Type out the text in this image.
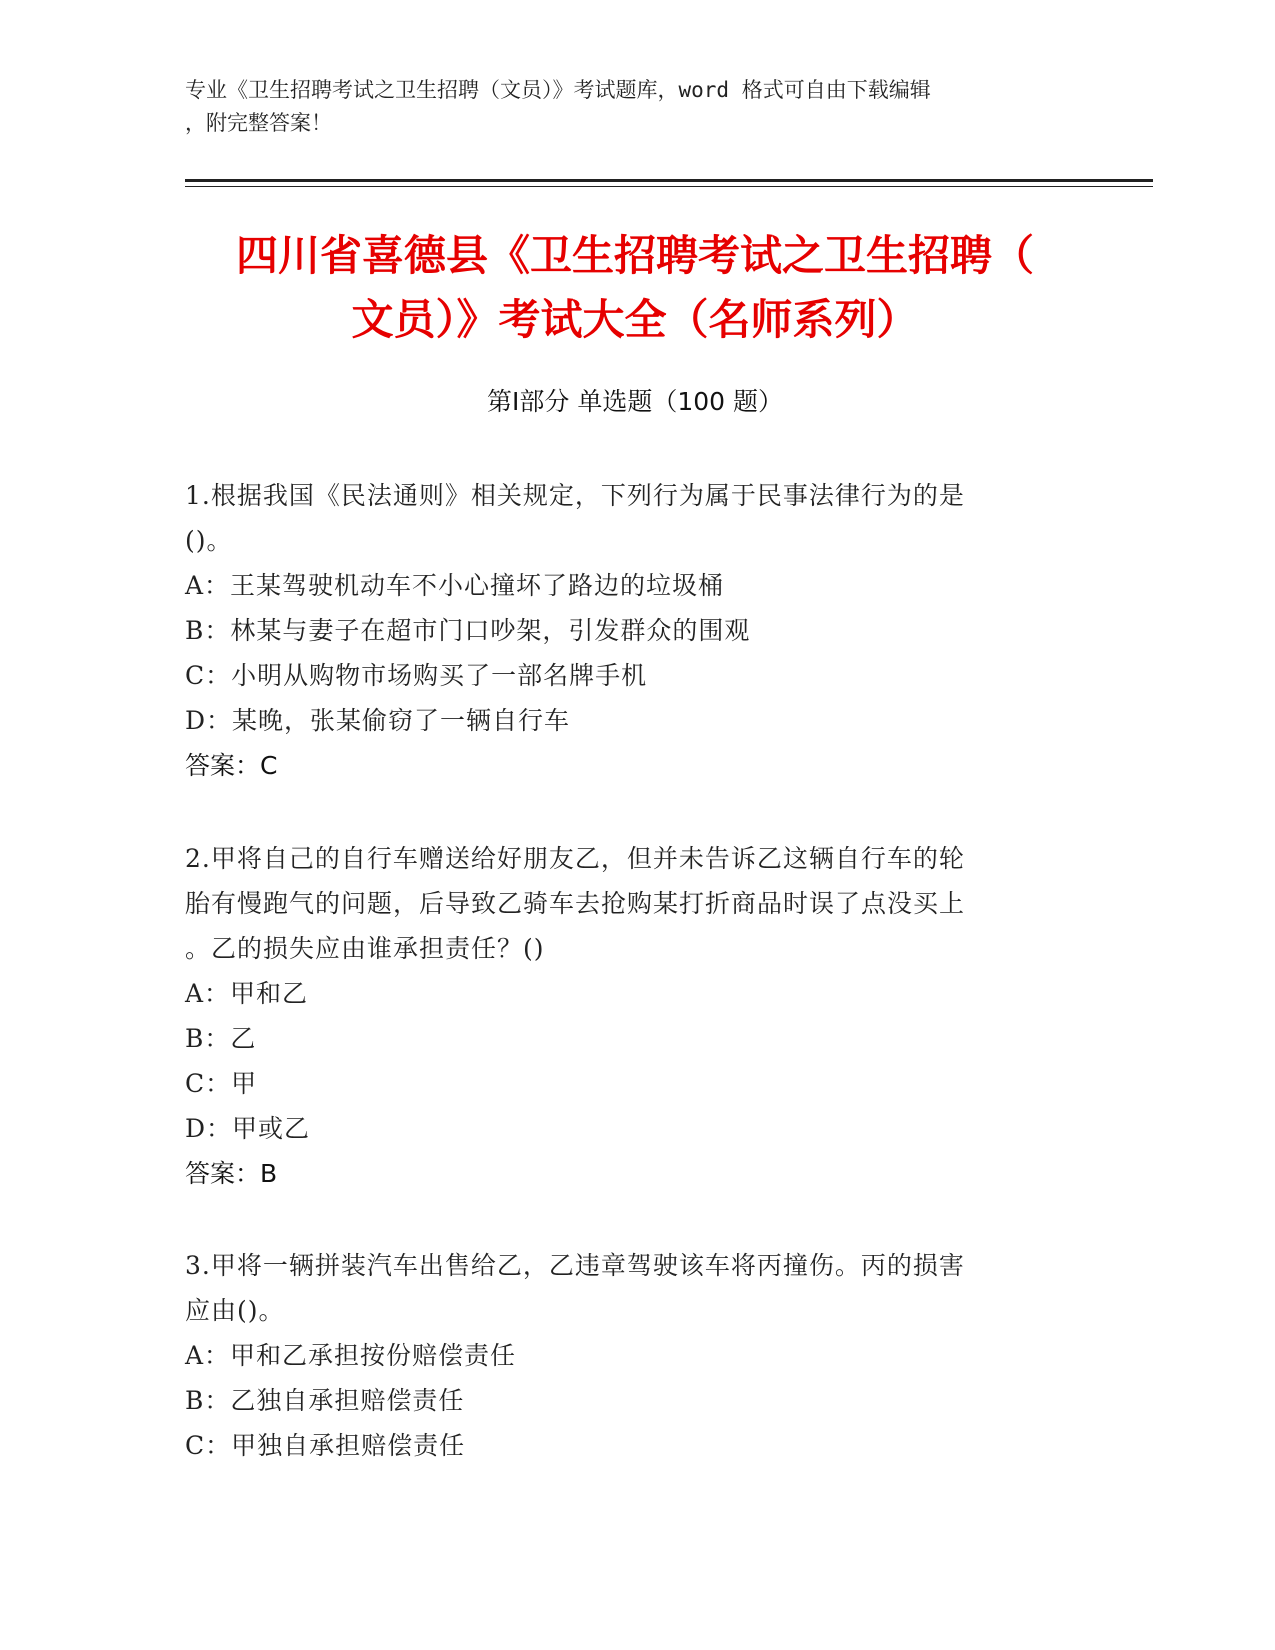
专业《卫生招聘考试之卫生招聘（文员）》考试题库，word 格式可自由下载编辑
，附完整答案！
四川省喜德县《卫生招聘考试之卫生招聘（
文员）》考试大全（名师系列）
第Ⅰ部分 单选题（100 题）

1.根据我国《民法通则》相关规定，下列行为属于民事法律行为的是

()。

A：王某驾驶机动车不小心撞坏了路边的垃圾桶

B：林某与妻子在超市门口吵架，引发群众的围观

C：小明从购物市场购买了一部名牌手机

D：某晚，张某偷窃了一辆自行车

答案：C

2.甲将自己的自行车赠送给好朋友乙，但并未告诉乙这辆自行车的轮

胎有慢跑气的问题，后导致乙骑车去抢购某打折商品时误了点没买上

。乙的损失应由谁承担责任？()

A：甲和乙

B：乙

C：甲

D：甲或乙

答案：B

3.甲将一辆拼装汽车出售给乙，乙违章驾驶该车将丙撞伤。丙的损害

应由()。

A：甲和乙承担按份赔偿责任

B：乙独自承担赔偿责任

C：甲独自承担赔偿责任
